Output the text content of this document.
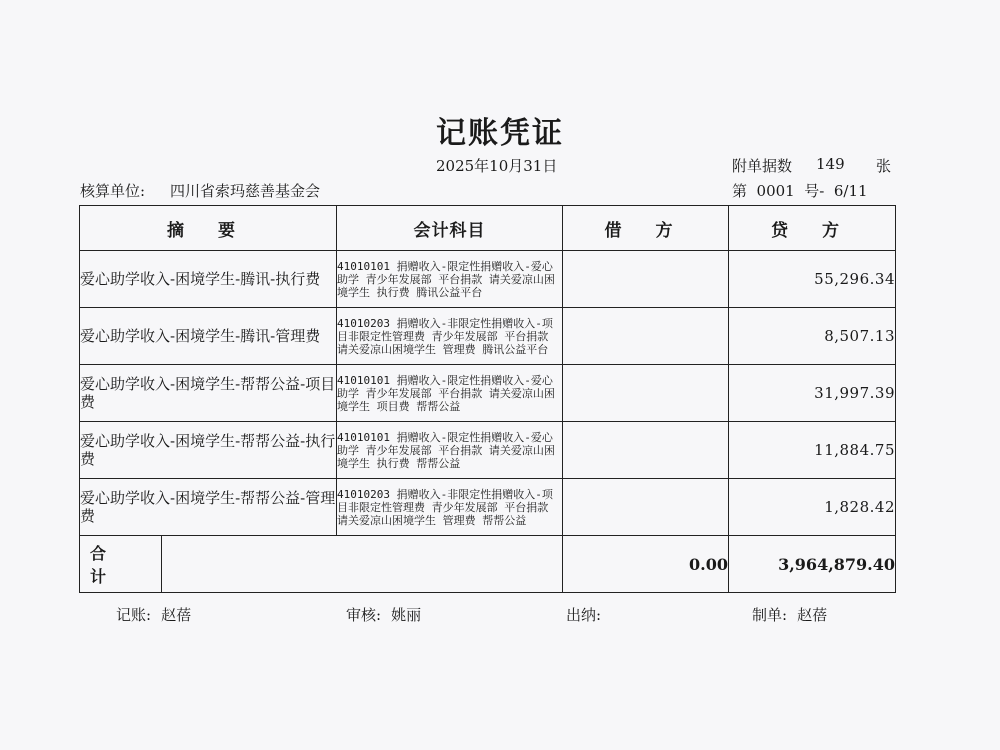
记账凭证
2025年10月31日	附单据数 149 张
核算单位: 四川省索玛慈善基金会	第  0001  号-  6/11
摘 要	会计科目	借 方	贷 方
爱心助学收入-困境学生-腾讯-执行费	41010101 捐赠收入-限定性捐赠收入-爱心助学 青少年发展部 平台捐款 请关爱凉山困境学生 执行费 腾讯公益平台		55,296.34
爱心助学收入-困境学生-腾讯-管理费	41010203 捐赠收入-非限定性捐赠收入-项目非限定性管理费 青少年发展部 平台捐款 请关爱凉山困境学生 管理费 腾讯公益平台		8,507.13
爱心助学收入-困境学生-帮帮公益-项目费	41010101 捐赠收入-限定性捐赠收入-爱心助学 青少年发展部 平台捐款 请关爱凉山困境学生 项目费 帮帮公益		31,997.39
爱心助学收入-困境学生-帮帮公益-执行费	41010101 捐赠收入-限定性捐赠收入-爱心助学 青少年发展部 平台捐款 请关爱凉山困境学生 执行费 帮帮公益		11,884.75
爱心助学收入-困境学生-帮帮公益-管理费	41010203 捐赠收入-非限定性捐赠收入-项目非限定性管理费 青少年发展部 平台捐款 请关爱凉山困境学生 管理费 帮帮公益		1,828.42

合 计		0.00	3,964,879.40
记账: 赵蓓	审核: 姚丽	出纳:	制单: 赵蓓
